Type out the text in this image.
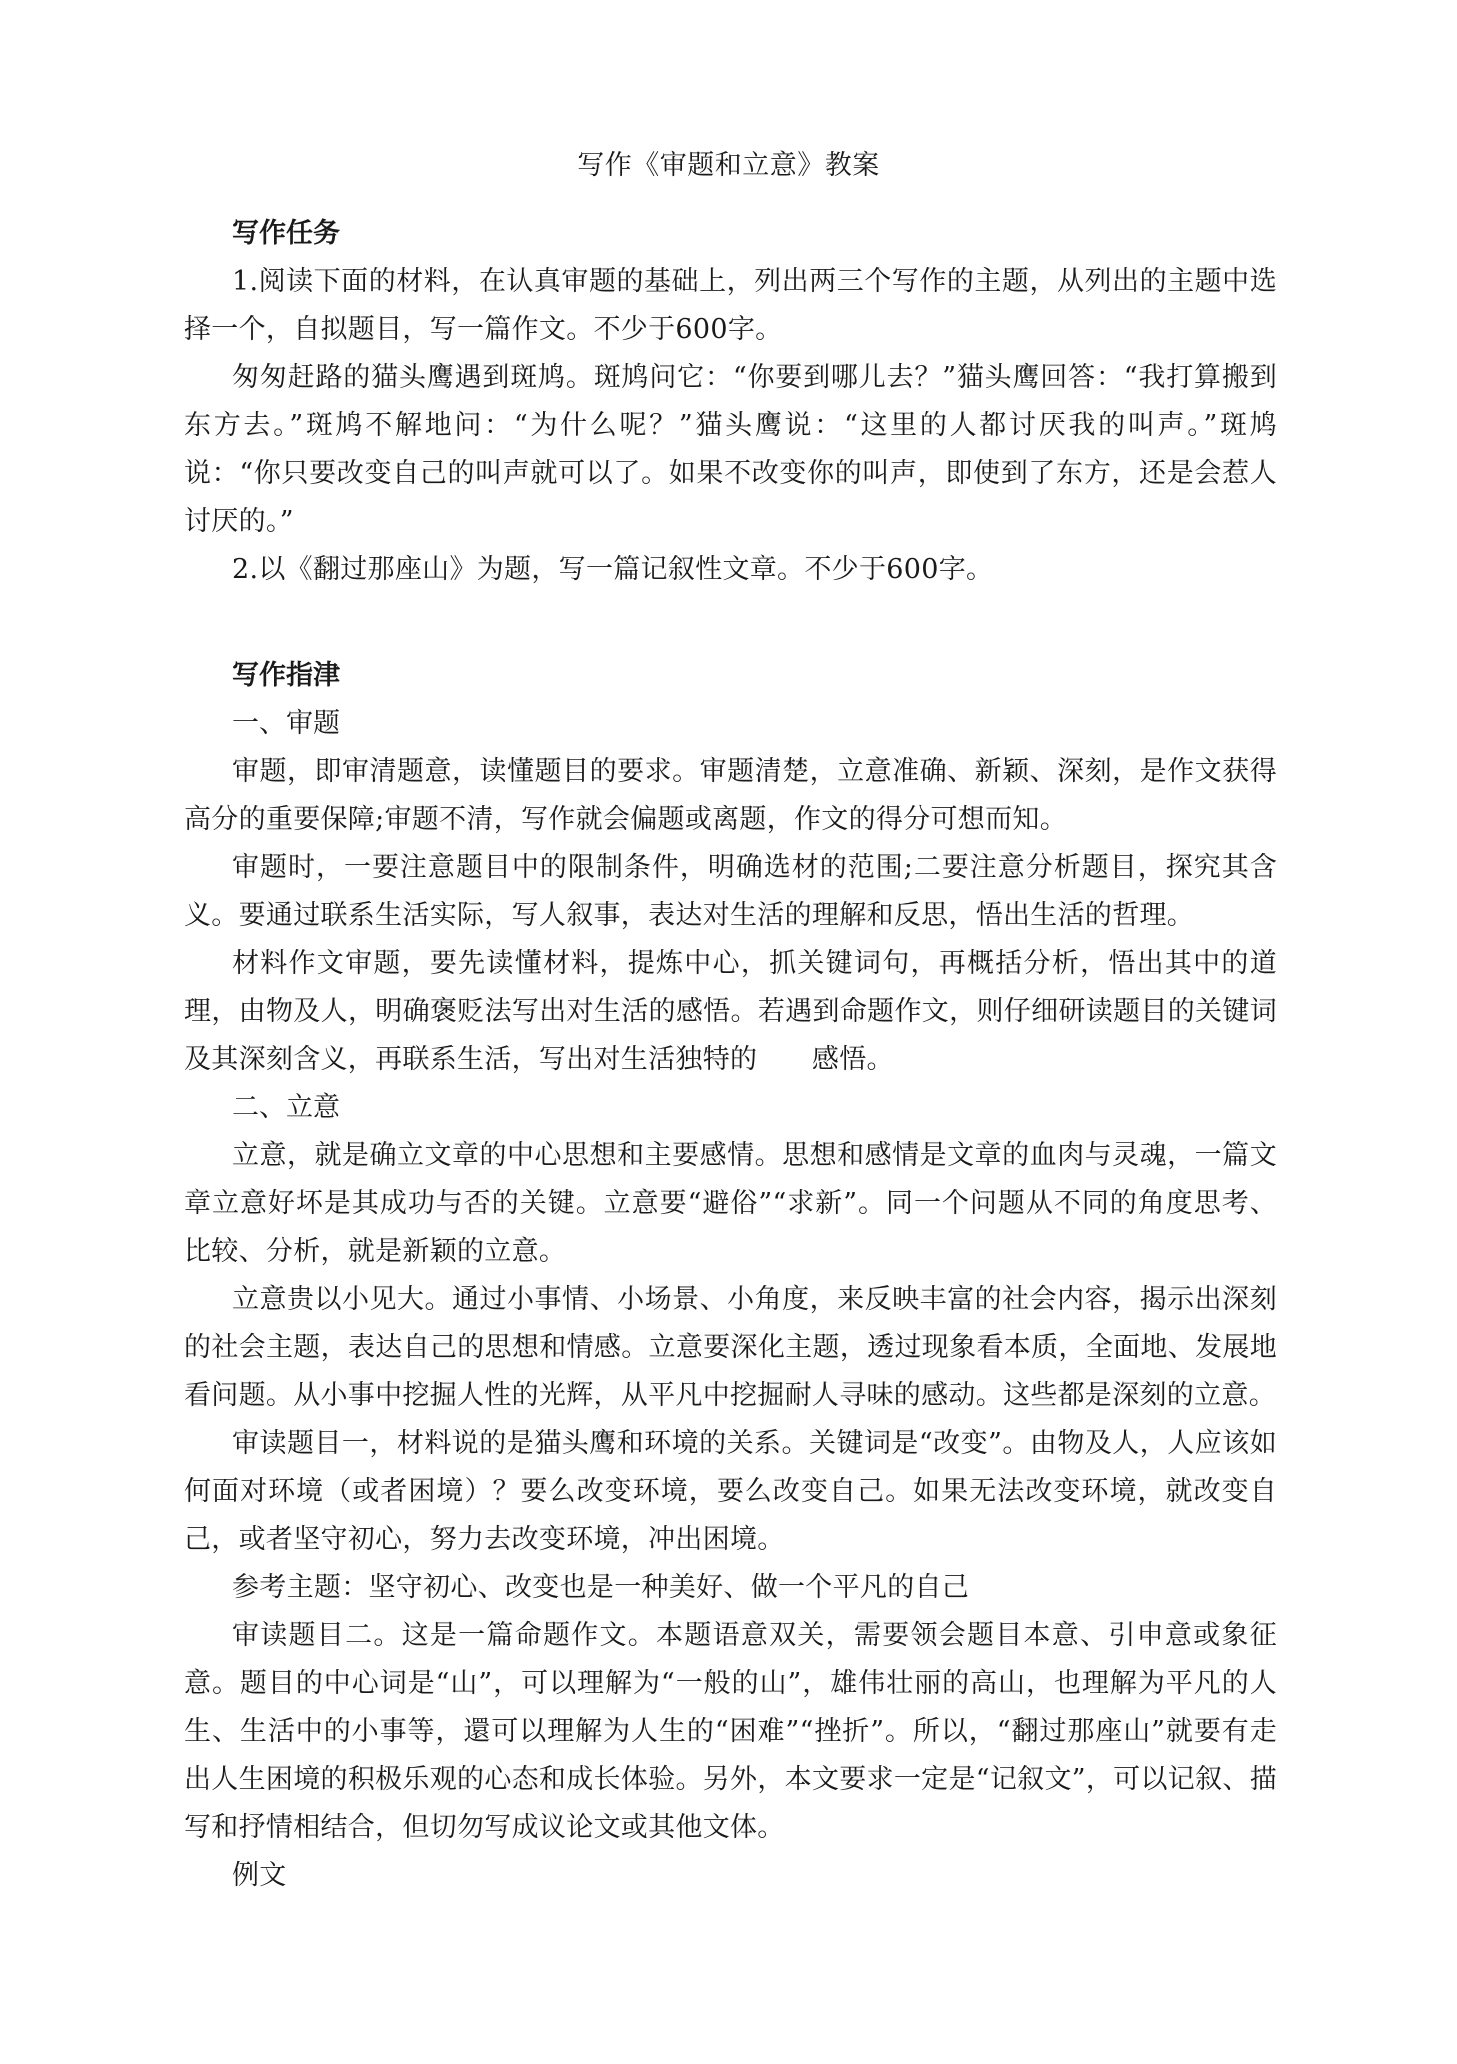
写作《审题和立意》教案
写作任务

1.阅读下面的材料，在认真审题的基础上，列出两三个写作的主题，从列出的主题中选择一个，自拟题目，写一篇作文。不少于600字。

匆匆赶路的猫头鹰遇到斑鸠。斑鸠问它：“你要到哪儿去？”猫头鹰回答：“我打算搬到东方去。”斑鸠不解地问：“为什么呢？”猫头鹰说：“这里的人都讨厌我的叫声。”斑鸠说：“你只要改变自己的叫声就可以了。如果不改变你的叫声，即使到了东方，还是会惹人讨厌的。”

2.以《翻过那座山》为题，写一篇记叙性文章。不少于600字。

写作指津
一、审题

审题，即审清题意，读懂题目的要求。审题清楚，立意准确、新颖、深刻，是作文获得高分的重要保障;审题不清，写作就会偏题或离题，作文的得分可想而知。

审题时，一要注意题目中的限制条件，明确选材的范围;二要注意分析题目，探究其含义。要通过联系生活实际，写人叙事，表达对生活的理解和反思，悟出生活的哲理。

材料作文审题，要先读懂材料，提炼中心，抓关键词句，再概括分析，悟出其中的道理，由物及人，明确褒贬法写出对生活的感悟。若遇到命题作文，则仔细研读题目的关键词及其深刻含义，再联系生活，写出对生活独特的　　感悟。

二、立意

立意，就是确立文章的中心思想和主要感情。思想和感情是文章的血肉与灵魂，一篇文章立意好坏是其成功与否的关键。立意要“避俗”“求新”。同一个问题从不同的角度思考、比较、分析，就是新颖的立意。

立意贵以小见大。通过小事情、小场景、小角度，来反映丰富的社会内容，揭示出深刻的社会主题，表达自己的思想和情感。立意要深化主题，透过现象看本质，全面地、发展地看问题。从小事中挖掘人性的光辉，从平凡中挖掘耐人寻味的感动。这些都是深刻的立意。

审读题目一，材料说的是猫头鹰和环境的关系。关键词是“改变”。由物及人，人应该如何面对环境（或者困境）？要么改变环境，要么改变自己。如果无法改变环境，就改变自己，或者坚守初心，努力去改变环境，冲出困境。

参考主题：坚守初心、改变也是一种美好、做一个平凡的自己

审读题目二。这是一篇命题作文。本题语意双关，需要领会题目本意、引申意或象征意。题目的中心词是“山”，可以理解为“一般的山”，雄伟壮丽的高山，也理解为平凡的人生、生活中的小事等，還可以理解为人生的“困难”“挫折”。所以，“翻过那座山”就要有走出人生困境的积极乐观的心态和成长体验。另外，本文要求一定是“记叙文”，可以记叙、描写和抒情相结合，但切勿写成议论文或其他文体。

例文
